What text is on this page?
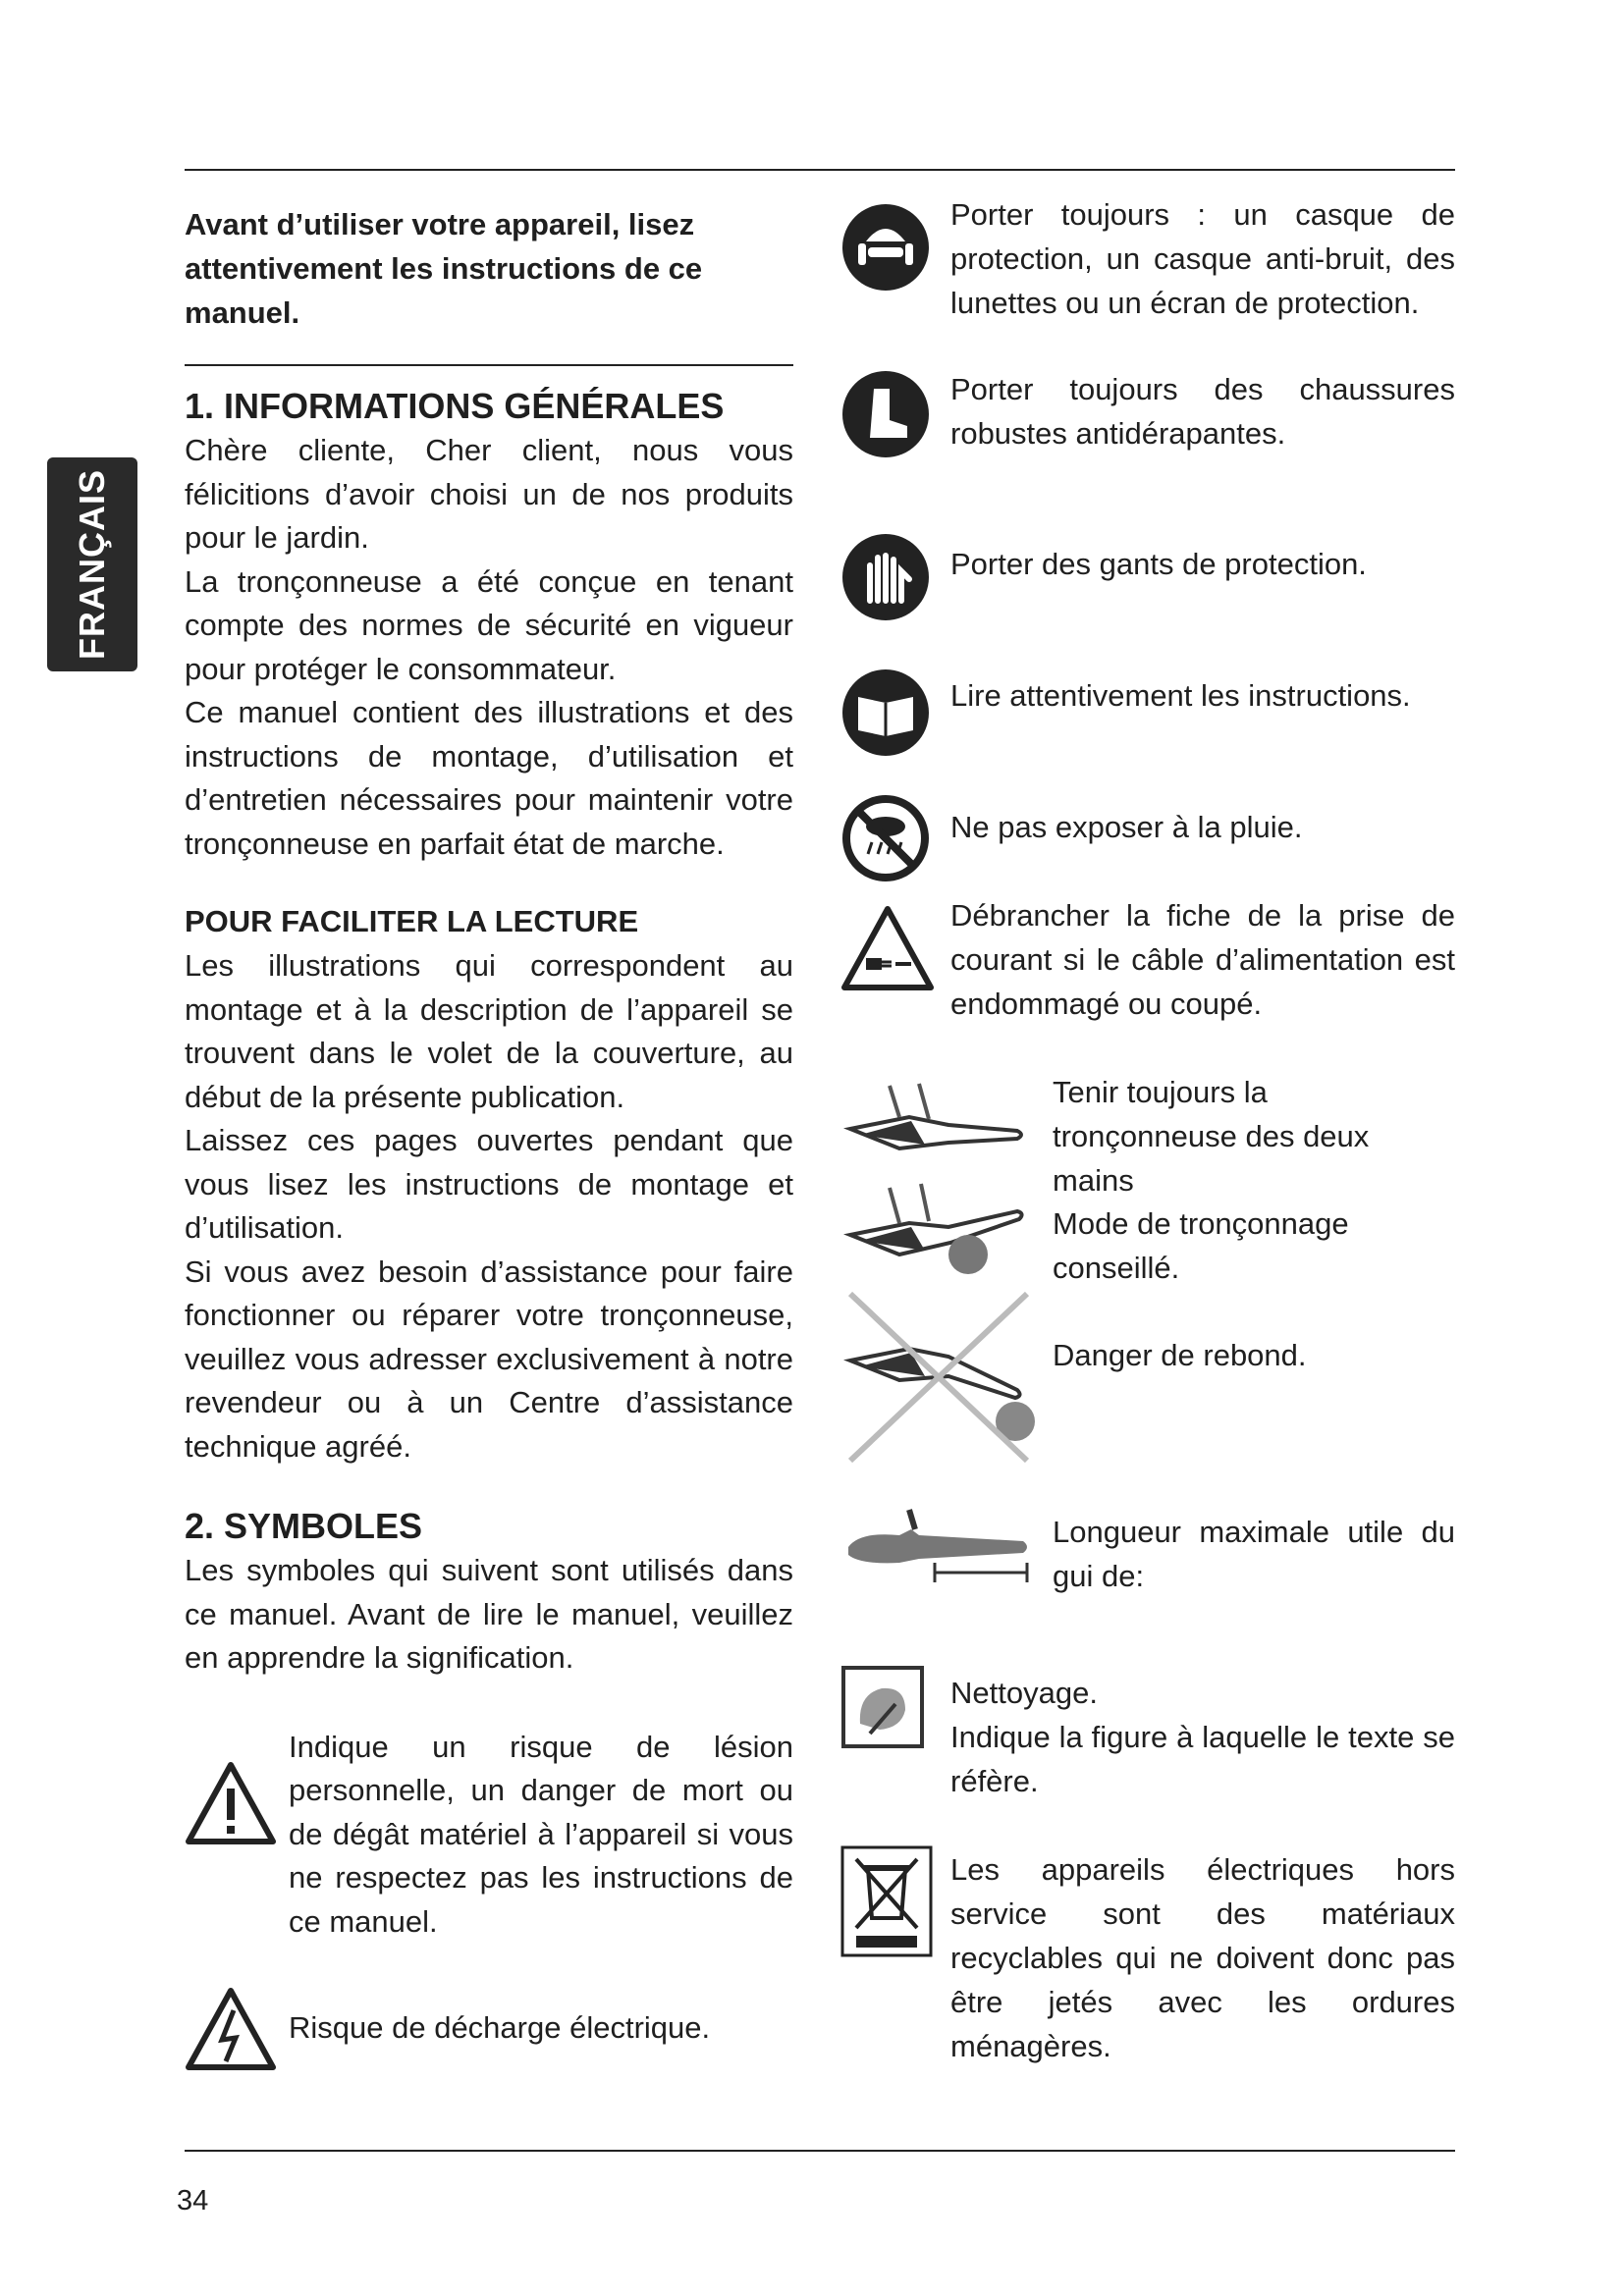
FRANÇAIS
Avant d’utiliser votre appareil, lisez attentivement les instructions de ce manuel.
1. INFORMATIONS GÉNÉRALES
Chère cliente, Cher client, nous vous félicitions d’avoir choisi un de nos produits pour le jardin.
La tronçonneuse a été conçue en tenant compte des normes de sécurité en vigueur pour protéger le consommateur.
Ce manuel contient des illustrations et des instructions de montage, d’utilisation et d’entretien nécessaires pour maintenir votre tronçonneuse en parfait état de marche.
POUR FACILITER LA LECTURE
Les illustrations qui correspondent au montage et à la description de l’appareil se trouvent dans le volet de la couverture, au début de la présente publication.
Laissez ces pages ouvertes pendant que vous lisez les instructions de montage et d’utilisation.
Si vous avez besoin d’assistance pour faire fonctionner ou réparer votre tronçonneuse, veuillez vous adresser exclusivement à notre revendeur ou à un Centre d’assistance technique agréé.
2. SYMBOLES
Les symboles qui suivent sont utilisés dans ce manuel. Avant de lire le manuel, veuillez en apprendre la signification.
Indique un risque de lésion personnelle, un danger de mort ou de dégât matériel à l’appareil si vous ne respectez pas les instructions de ce manuel.
Risque de décharge électrique.
Porter toujours : un casque de protection, un casque anti-bruit, des lunettes ou un écran de protection.
Porter toujours des chaussures robustes antidérapantes.
Porter des gants de protection.
Lire attentivement les instructions.
Ne pas exposer à la pluie.
Débrancher la fiche de la prise de courant si le câble d’alimentation est endommagé ou coupé.
Tenir toujours la tronçonneuse des deux mains
Mode de tronçonnage conseillé.
Danger de rebond.
Longueur maximale utile du gui de:
Nettoyage.
Indique la figure à laquelle le texte se réfère.
Les appareils électriques hors service sont des matériaux recyclables qui ne doivent donc pas être jetés avec les ordures ménagères.
34
